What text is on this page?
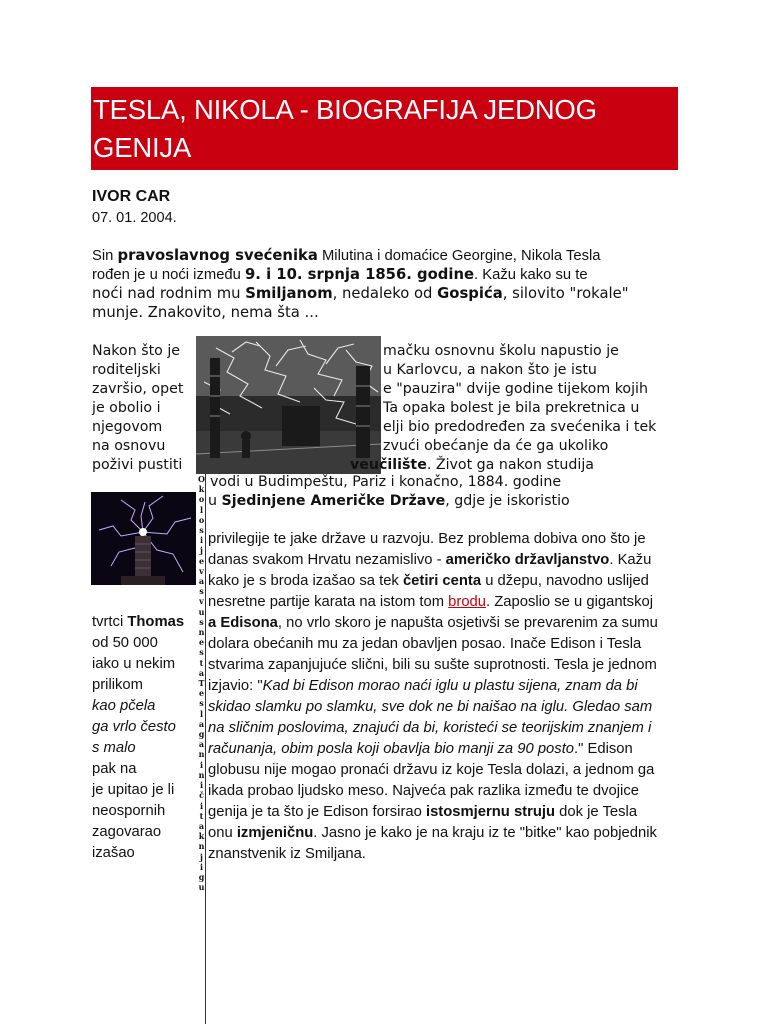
TESLA, NIKOLA - BIOGRAFIJA JEDNOG GENIJA
IVOR CAR
07. 01. 2004.
Sin pravoslavnog svećenika Milutina i domaćice Georgine, Nikola Tesla
rođen je u noći između 9. i 10. srpnja 1856. godine. Kažu kako su te
noći nad rodnim mu Smiljanom, nedaleko od Gospića, silovito "rokale"
munje. Znakovito, nema šta ...
Nakon što je
roditeljski
završio, opet
je obolio i
njegovom
na osnovu
poživi pustiti
mačku osnovnu školu napustio je
u Karlovcu, a nakon što je istu
e "pauzira" dvije godine tijekom kojih
Ta opaka bolest je bila prekretnica u
elji bio predodređen za svećenika i tek
zvući obećanje da će ga ukoliko
veučilište. Život ga nakon studija
vodi u Budimpeštu, Pariz i konačno, 1884. godine
u Sjedinjene Američke Države, gdje je iskoristio
O
k
o
l
o
s
i
j
e
v
a
s
v
u
s
n
e
s
t
a
T
e
s
l
a
g
a
n
i
n
i
č
i
t
a
k
n
j
i
g
u
tvrtci Thomas
od 50 000
iako u nekim
prilikom
kao pčela
ga vrlo često
s malo
pak na
je upitao je li
neospornih
zagovarao
izašao
privilegije te jake države u razvoju. Bez problema dobiva ono što je
danas svakom Hrvatu nezamislivo - američko državljanstvo. Kažu
kako je s broda izašao sa tek četiri centa u džepu, navodno uslijed
nesretne partije karata na istom tom brodu. Zaposlio se u gigantskoj
a Edisona, no vrlo skoro je napušta osjetivši se prevarenim za sumu
dolara obećanih mu za jedan obavljen posao. Inače Edison i Tesla
stvarima zapanjujuće slični, bili su sušte suprotnosti. Tesla je jednom
izjavio: "Kad bi Edison morao naći iglu u plastu sijena, znam da bi
skidao slamku po slamku, sve dok ne bi naišao na iglu. Gledao sam
na sličnim poslovima, znajući da bi, koristeći se teorijskim znanjem i
računanja, obim posla koji obavlja bio manji za 90 posto." Edison
globusu nije mogao pronaći državu iz koje Tesla dolazi, a jednom ga
ikada probao ljudsko meso. Najveća pak razlika između te dvojice
genija je ta što je Edison forsirao istosmjernu struju dok je Tesla
onu izmjeničnu. Jasno je kako je na kraju iz te "bitke" kao pobjednik
znanstvenik iz Smiljana.
